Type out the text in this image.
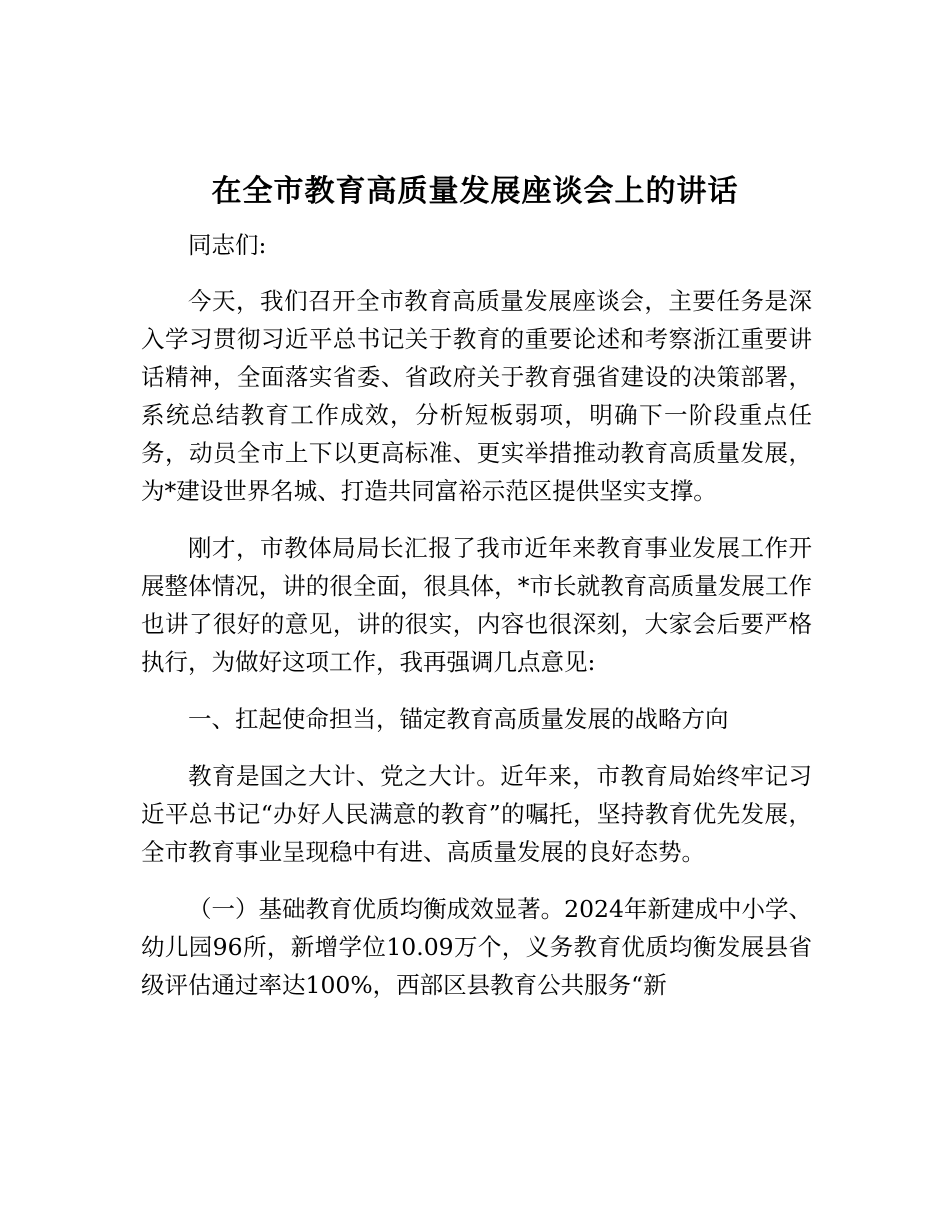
在全市教育高质量发展座谈会上的讲话

同志们:

今天，我们召开全市教育高质量发展座谈会，主要任务是深入学习贯彻习近平总书记关于教育的重要论述和考察浙江重要讲话精神，全面落实省委、省政府关于教育强省建设的决策部署，系统总结教育工作成效，分析短板弱项，明确下一阶段重点任务，动员全市上下以更高标准、更实举措推动教育高质量发展，为*建设世界名城、打造共同富裕示范区提供坚实支撑。

刚才，市教体局局长汇报了我市近年来教育事业发展工作开展整体情况，讲的很全面，很具体，*市长就教育高质量发展工作也讲了很好的意见，讲的很实，内容也很深刻，大家会后要严格执行，为做好这项工作，我再强调几点意见:

一、扛起使命担当，锚定教育高质量发展的战略方向

教育是国之大计、党之大计。近年来，市教育局始终牢记习近平总书记“办好人民满意的教育”的嘱托，坚持教育优先发展，全市教育事业呈现稳中有进、高质量发展的良好态势。

（一）基础教育优质均衡成效显著。2024年新建成中小学、幼儿园96所，新增学位10.09万个，义务教育优质均衡发展县省级评估通过率达100%，西部区县教育公共服务“新
